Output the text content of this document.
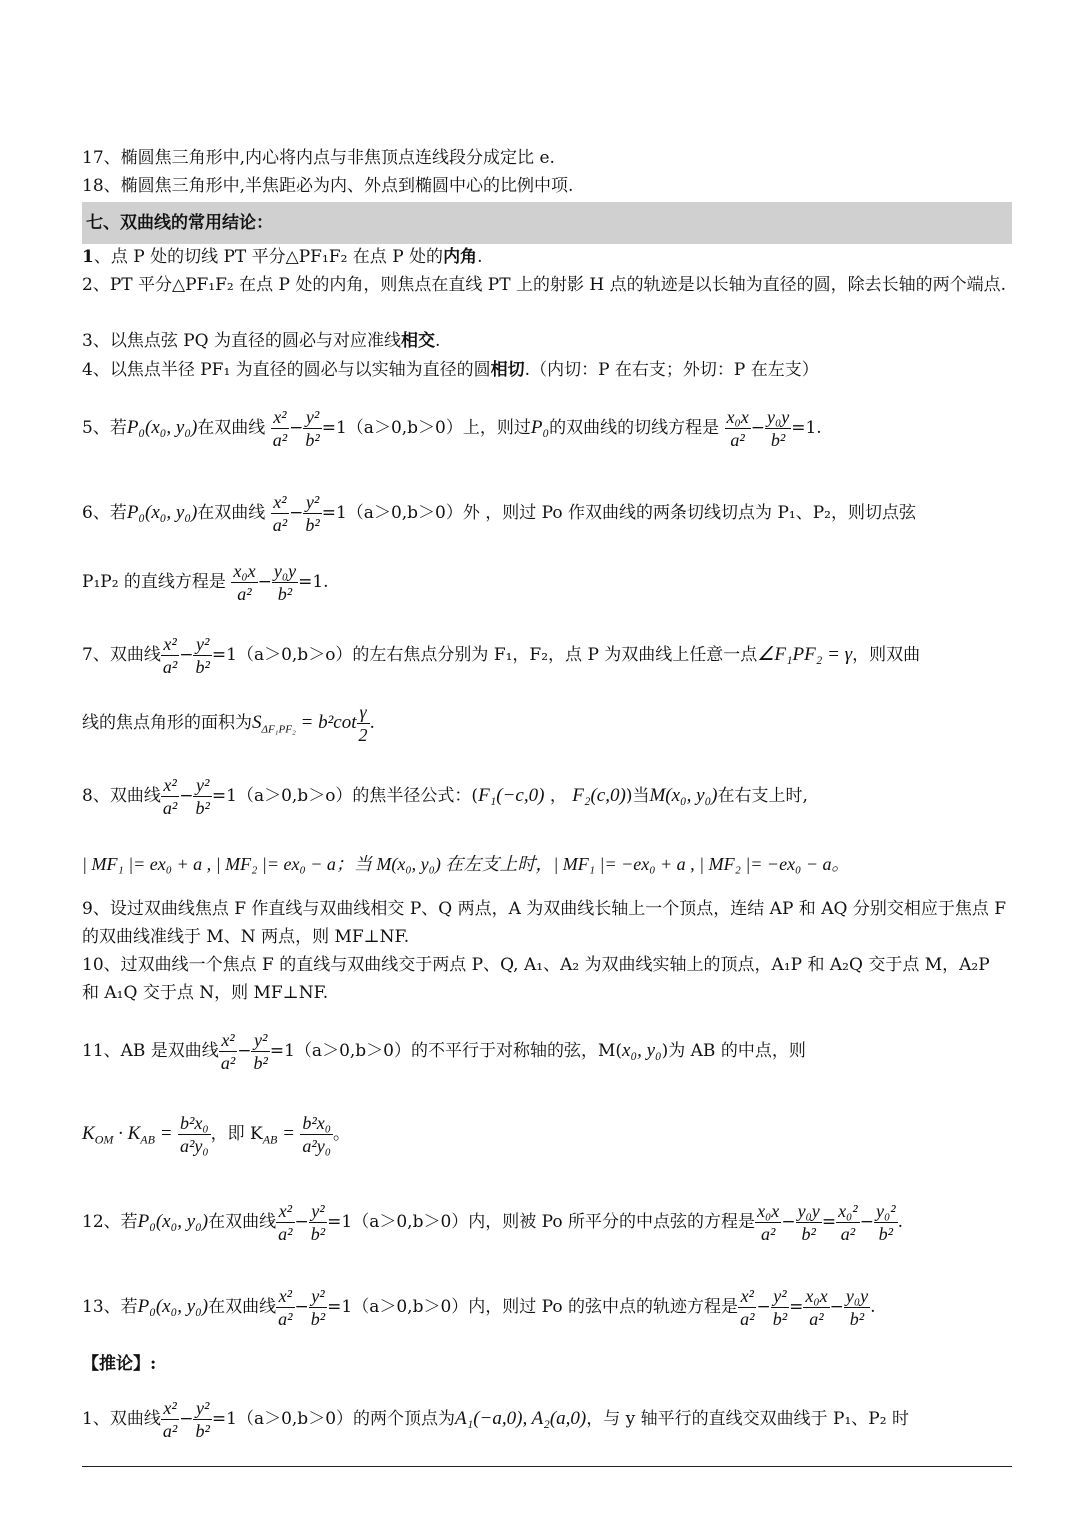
17、椭圆焦三角形中,内心将内点与非焦顶点连线段分成定比 e.
18、椭圆焦三角形中,半焦距必为内、外点到椭圆中心的比例中项.
七、双曲线的常用结论：
1、点 P 处的切线 PT 平分△PF₁F₂ 在点 P 处的内角.
2、PT 平分△PF₁F₂ 在点 P 处的内角，则焦点在直线 PT 上的射影 H 点的轨迹是以长轴为直径的圆，除去长轴的两个端点.
3、以焦点弦 PQ 为直径的圆必与对应准线相交.
4、以焦点半径 PF₁ 为直径的圆必与以实轴为直径的圆相切.（内切：P 在右支；外切：P 在左支）
5、若P₀(x₀, y₀)在双曲线 $\frac{\text{x²}}{\text{a²}} - \frac{\text{y²}}{\text{b²}} =1(a>0,b>0)$上，则过P₀的双曲线的切线方程是 $\frac{\text{x₀x}}{\text{a²}} - \frac{\text{y₀y}}{\text{b²}} =1$.
6、若P₀(x₀, y₀)在双曲线 $\frac{\text{x²}}{\text{a²}} - \frac{\text{y²}}{\text{b²}} =1(a>0,b>0)$外 ，则过 Po 作双曲线的两条切线切点为 P₁、P₂，则切点弦
P₁P₂ 的直线方程是 $\frac{\text{x₀x}}{\text{a²}} - \frac{\text{y₀y}}{\text{b²}} =1$.
7、双曲线 $\frac{\text{x²}}{\text{a²}} - \frac{\text{y²}}{\text{b²}} =1(a>0,b>o)$的左右焦点分别为 F₁，F₂，点 P 为双曲线上任意一点∠F₁PF₂ = γ，则双曲
线的焦点角形的面积为$S_{\Delta F_1PF_2} = b^2\cot \frac{\gamma}{2}$ .
8、双曲线 $\frac{\text{x²}}{\text{a²}} - \frac{\text{y²}}{\text{b²}} =1(a>0,b>o)$的焦半径公式：(F₁(−c,0) ， F₂(c,0))当M(x₀, y₀)在右支上时,
| MF₁ |= ex₀ + a , | MF₂ |= ex₀ − a；当 M(x₀, y₀) 在左支上时，| MF₁ |= −ex₀ + a , | MF₂ |= −ex₀ − a。
9、设过双曲线焦点 F 作直线与双曲线相交 P、Q 两点，A 为双曲线长轴上一个顶点，连结 AP 和 AQ 分别交相应于焦点 F 的双曲线准线于 M、N 两点，则 MF⊥NF.
10、过双曲线一个焦点 F 的直线与双曲线交于两点 P、Q, A₁、A₂ 为双曲线实轴上的顶点，A₁P 和 A₂Q 交于点 M，A₂P 和 A₁Q 交于点 N，则 MF⊥NF.
11、AB 是双曲线 $\frac{\text{x²}}{\text{a²}} - \frac{\text{y²}}{\text{b²}} =1(a>0,b>0)$的不平行于对称轴的弦，M(x₀, y₀)为 AB 的中点，则
$K_{OM} \cdot K_{AB} = \frac{\text{b²x₀}}{\text{a²y₀}}$ ，即 $K_{AB} = \frac{\text{b²x₀}}{\text{a²y₀}}$ 。
12、若P₀(x₀, y₀)在双曲线 $\frac{\text{x²}}{\text{a²}} - \frac{\text{y²}}{\text{b²}} =1(a>0,b>0)$内，则被 Po 所平分的中点弦的方程是 $\frac{\text{x₀x}}{\text{a²}} - \frac{\text{y₀y}}{\text{b²}} = \frac{\text{x₀²}}{\text{a²}} - \frac{\text{y₀²}}{\text{b²}}$ .
13、若P₀(x₀, y₀)在双曲线 $\frac{\text{x²}}{\text{a²}} - \frac{\text{y²}}{\text{b²}} =1(a>0,b>0)$内，则过 Po 的弦中点的轨迹方程是 $\frac{\text{x²}}{\text{a²}} - \frac{\text{y²}}{\text{b²}} = \frac{\text{x₀x}}{\text{a²}} - \frac{\text{y₀y}}{\text{b²}}$ .
【推论】:
1、双曲线 $\frac{\text{x²}}{\text{a²}} - \frac{\text{y²}}{\text{b²}} =1(a>0,b>0)$的两个顶点为A₁(−a,0), A₂(a,0)，与 y 轴平行的直线交双曲线于 P₁、P₂ 时
